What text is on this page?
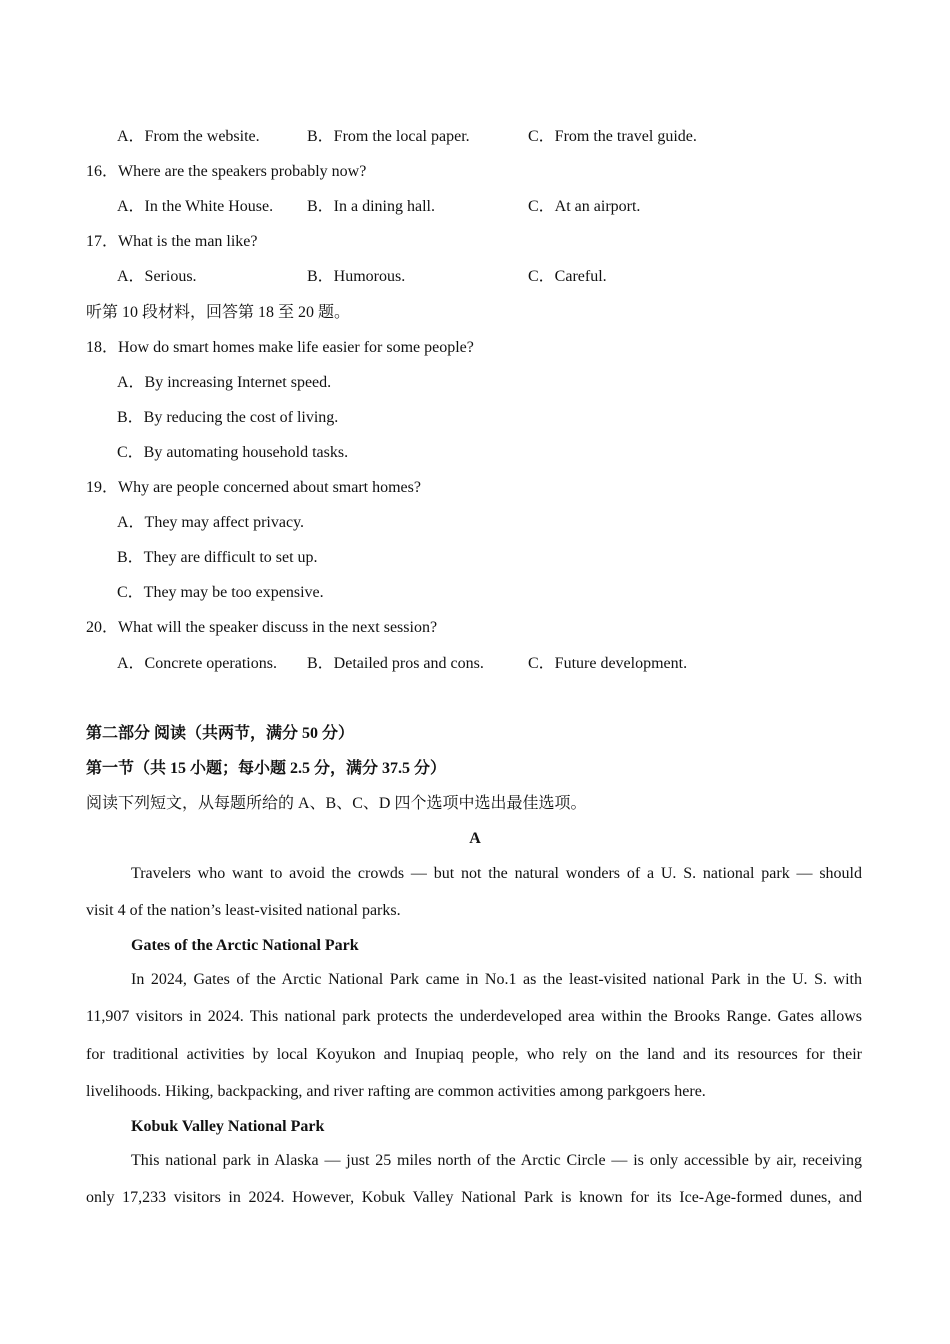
A．From the website.	B．From the local paper.	C．From the travel guide.
16．Where are the speakers probably now?
A．In the White House. B．In a dining hall.	C．At an airport.
17．What is the man like?
A．Serious.	B．Humorous.	C．Careful.
听第 10 段材料，回答第 18 至 20 题。
18．How do smart homes make life easier for some people?
A．By increasing Internet speed.
B．By reducing the cost of living.
C．By automating household tasks.
19．Why are people concerned about smart homes?
A．They may affect privacy.
B．They are difficult to set up.
C．They may be too expensive.
20．What will the speaker discuss in the next session?
A．Concrete operations. B．Detailed pros and cons.	C．Future development.
第二部分 阅读（共两节，满分 50 分）
第一节（共 15 小题；每小题 2.5 分，满分 37.5 分）
阅读下列短文，从每题所给的 A、B、C、D 四个选项中选出最佳选项。
A
Travelers who want to avoid the crowds — but not the natural wonders of a U. S. national park — should
visit 4 of the nation’s least-visited national parks.
Gates of the Arctic National Park
In 2024, Gates of the Arctic National Park came in No.1 as the least-visited national Park in the U. S. with
11,907 visitors in 2024. This national park protects the underdeveloped area within the Brooks Range. Gates allows
for traditional activities by local Koyukon and Inupiaq people, who rely on the land and its resources for their
livelihoods. Hiking, backpacking, and river rafting are common activities among parkgoers here.
Kobuk Valley National Park
This national park in Alaska — just 25 miles north of the Arctic Circle — is only accessible by air, receiving
only 17,233 visitors in 2024. However, Kobuk Valley National Park is known for its Ice-Age-formed dunes, and
